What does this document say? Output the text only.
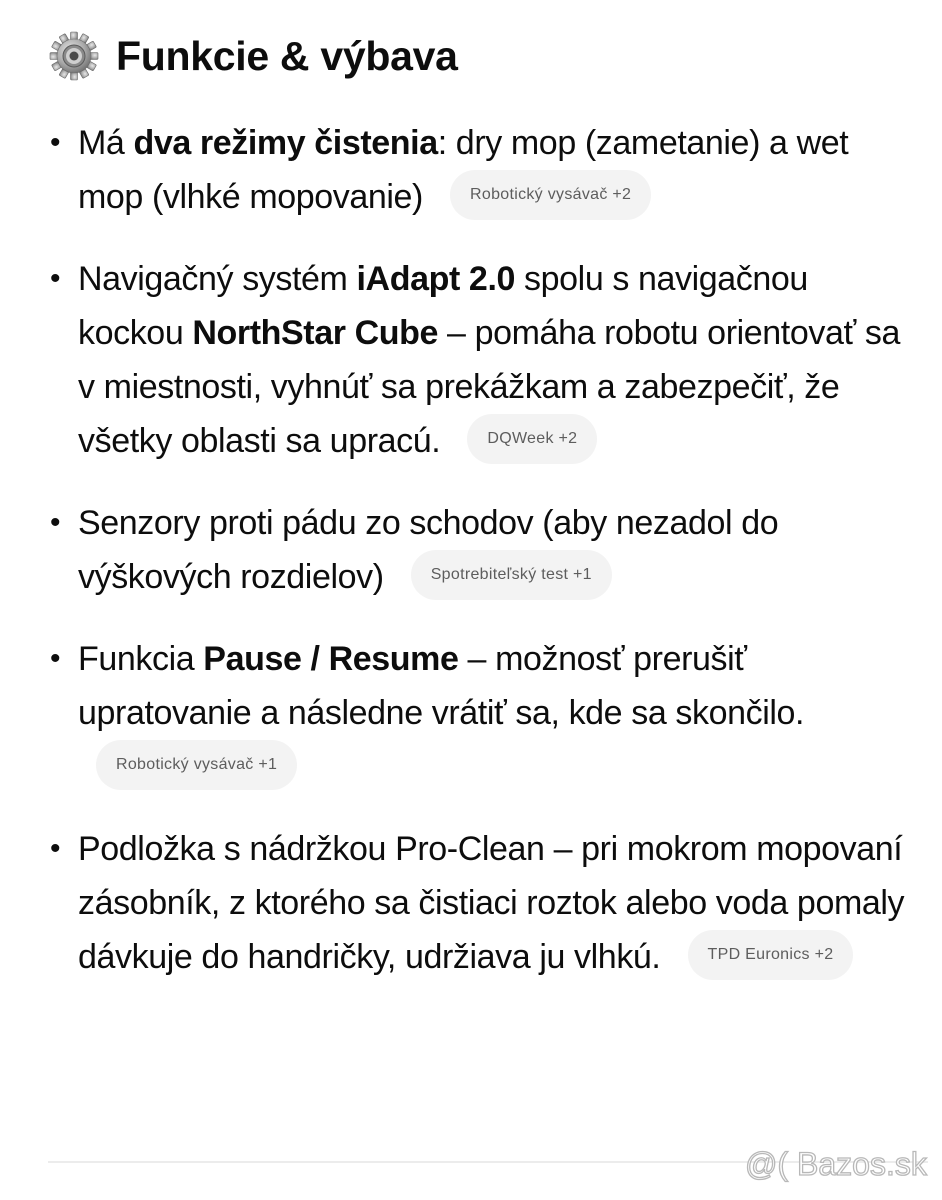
Funkcie & výbava
• Má dva režimy čistenia: dry mop (zametanie) a wet mop (vlhké mopovanie)	Robotický vysávač +2
• Navigačný systém iAdapt 2.0 spolu s navigačnou kockou NorthStar Cube – pomáha robotu orientovať sa v miestnosti, vyhnúť sa prekážkam a zabezpečiť, že všetky oblasti sa upracú.	DQWeek +2
• Senzory proti pádu zo schodov (aby nezadol do výškových rozdielov)	Spotrebiteľský test +1
• Funkcia Pause / Resume – možnosť prerušiť upratovanie a následne vrátiť sa, kde sa skončilo. Robotický vysávač +1
• Podložka s nádržkou Pro-Clean – pri mokrom mopovaní zásobník, z ktorého sa čistiaci roztok alebo voda pomaly dávkuje do handričky, udržiava ju vlhkú.	TPD Euronics +2
@( Bazos.sk
